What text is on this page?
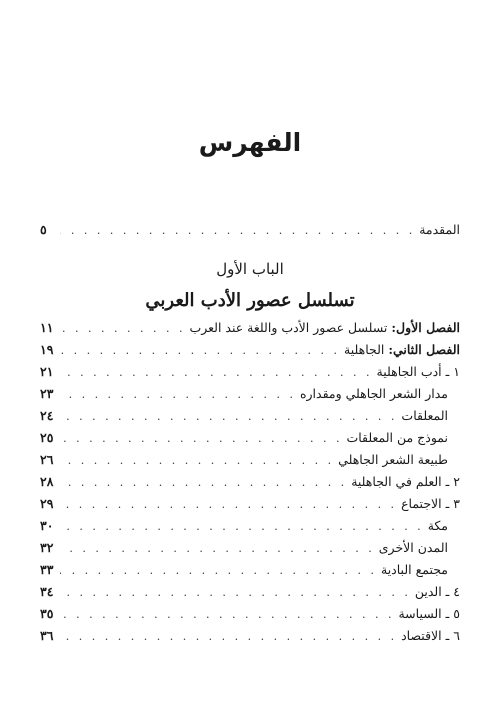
الفهرس
المقدمة
. . .
٥
الباب الأول
تسلسل عصور الأدب العربي
الفصل الأول: تسلسل عصور الأدب واللغة عند العرب
. . .
١١
الفصل الثاني: الجاهلية
. . .
١٩
١ ـ أدب الجاهلية
. . .
٢١
مدار الشعر الجاهلي ومقداره
. . .
٢٣
المعلقات
. . .
٢٤
نموذج من المعلقات
. . .
٢٥
طبيعة الشعر الجاهلي
. . .
٢٦
٢ ـ العلم في الجاهلية
. . .
٢٨
٣ ـ الاجتماع
. . .
٢٩
مكة
. . .
٣٠
المدن الأخرى
. . .
٣٢
مجتمع البادية
. . .
٣٣
٤ ـ الدين
. . .
٣٤
٥ ـ السياسة
. . .
٣٥
٦ ـ الاقتصاد
. . .
٣٦
